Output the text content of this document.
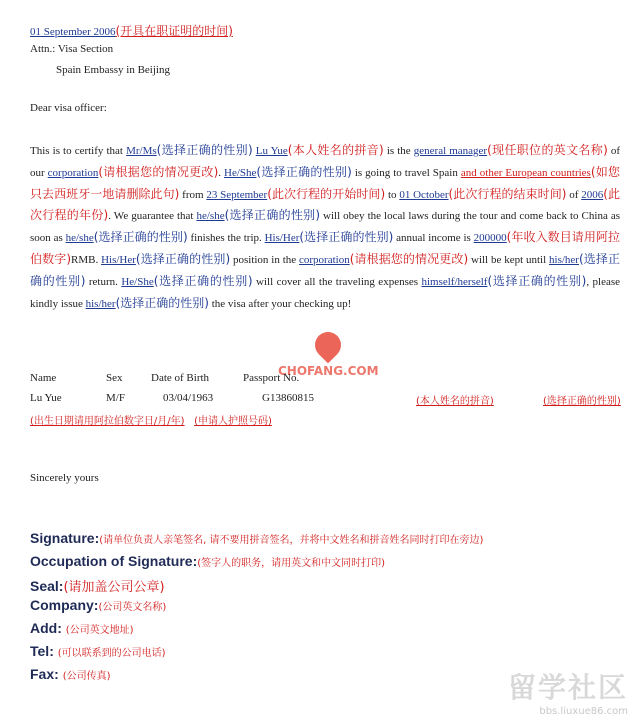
01 September 2006(开具在职证明的时间)
Attn.: Visa Section
Spain Embassy in Beijing
Dear visa officer:
This is to certify that Mr/Ms(选择正确的性别) Lu Yue(本人姓名的拼音) is the general manager(现任职位的英文名称) of our corporation(请根据您的情况更改). He/She(选择正确的性别) is going to travel Spain and other European countries(如您只去西班牙一地请删除此句) from 23 September(此次行程的开始时间) to 01 October(此次行程的结束时间) of 2006(此次行程的年份). We guarantee that he/she(选择正确的性别) will obey the local laws during the tour and come back to China as soon as he/she(选择正确的性别) finishes the trip. His/Her(选择正确的性别) annual income is 200000(年收入数目请用阿拉伯数字)RMB. His/Her(选择正确的性别) position in the corporation(请根据您的情况更改) will be kept until his/her(选择正确的性别) return. He/She(选择正确的性别) will cover all the traveling expenses himself/herself(选择正确的性别), please kindly issue his/her(选择正确的性别) the visa after your checking up!
CHOFANG.COM
Name	Sex	Date of Birth	Passport No.
Lu Yue	M/F	03/04/1963	G13860815	(本人姓名的拼音)	(选择正确的性别)
(出生日期请用阿拉伯数字日/月/年) (申请人护照号码)
Sincerely yours
Signature:(请单位负责人亲笔签名, 请不要用拼音签名，并将中文姓名和拼音姓名同时打印在旁边)
Occupation of Signature:(签字人的职务，请用英文和中文同时打印)
Seal:(请加盖公司公章)
Company:(公司英文名称)
Add: (公司英文地址)
Tel: (可以联系到的公司电话)
Fax: (公司传真)	留学社区
bbs.liuxue86.com
